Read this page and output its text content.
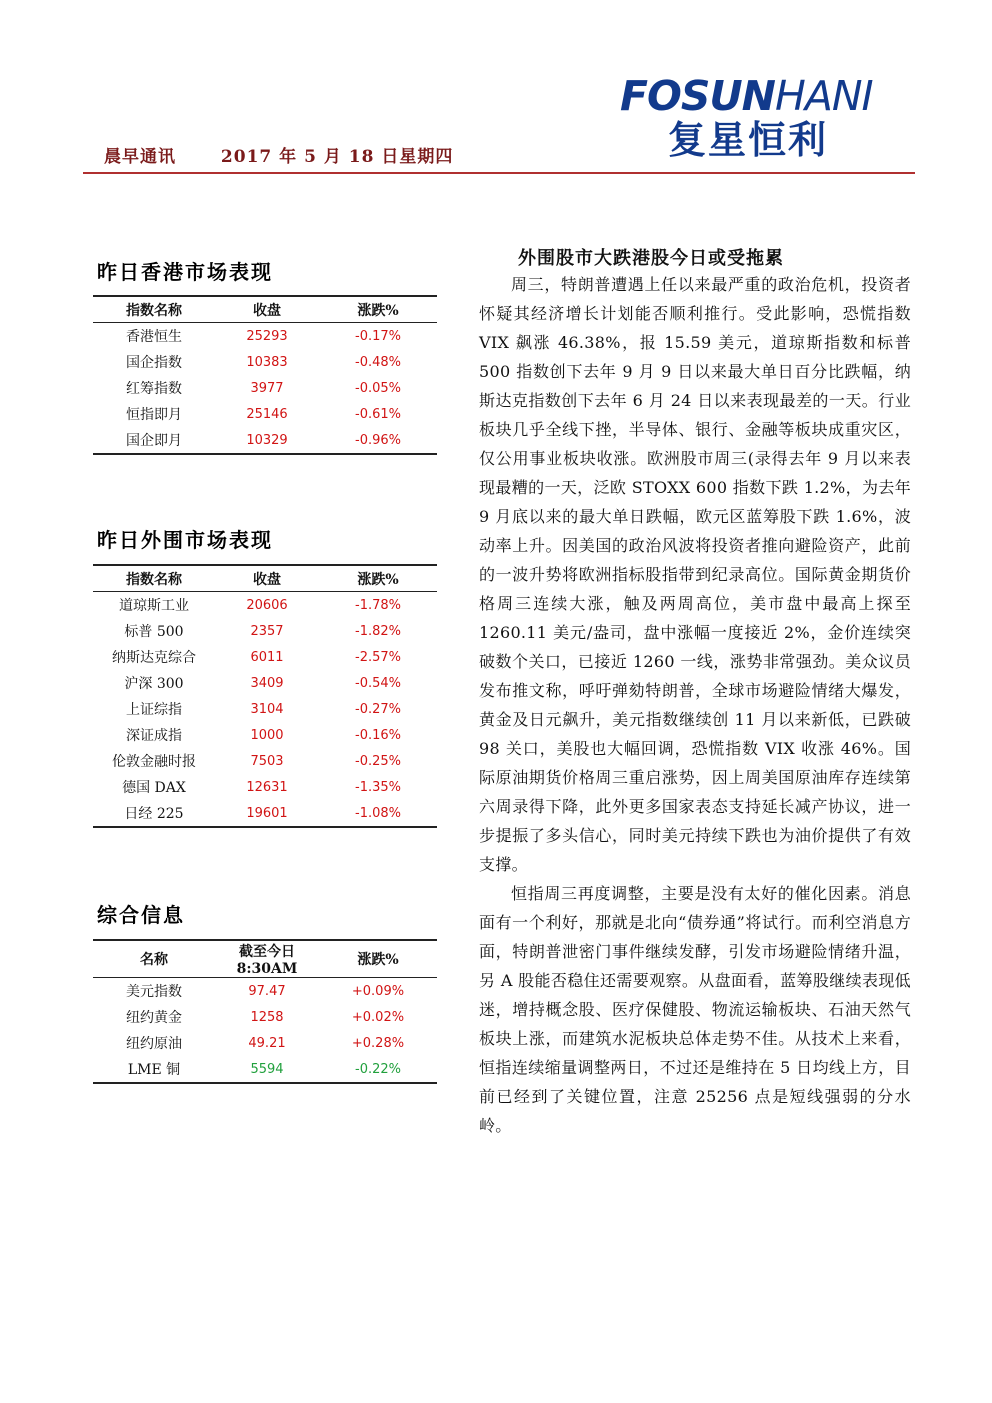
晨早通讯	2017 年 5 月 18 日星期四
FOSUNHANI
复星恒利
昨日香港市场表现
指数名称	收盘	涨跌%
香港恒生	25293	-0.17%
国企指数	10383	-0.48%
红筹指数	3977	-0.05%
恒指即月	25146	-0.61%
国企即月	10329	-0.96%
昨日外围市场表现
指数名称	收盘	涨跌%
道琼斯工业	20606	-1.78%
标普 500	2357	-1.82%
纳斯达克综合	6011	-2.57%
沪深 300	3409	-0.54%
上证综指	3104	-0.27%
深证成指	1000	-0.16%
伦敦金融时报	7503	-0.25%
德国 DAX	12631	-1.35%
日经 225	19601	-1.08%
综合信息
名称	截至今日 8:30AM	涨跌%
美元指数	97.47	+0.09%
纽约黄金	1258	+0.02%
纽约原油	49.21	+0.28%
LME 铜	5594	-0.22%
外围股市大跌港股今日或受拖累

周三，特朗普遭遇上任以来最严重的政治危机，投资者怀疑其经济增长计划能否顺利推行。受此影响，恐慌指数 VIX 飙涨 46.38%，报 15.59 美元，道琼斯指数和标普 500 指数创下去年 9 月 9 日以来最大单日百分比跌幅，纳斯达克指数创下去年 6 月 24 日以来表现最差的一天。行业板块几乎全线下挫，半导体、银行、金融等板块成重灾区，仅公用事业板块收涨。欧洲股市周三(录得去年 9 月以来表现最糟的一天，泛欧 STOXX 600 指数下跌 1.2%，为去年 9 月底以来的最大单日跌幅，欧元区蓝筹股下跌 1.6%，波动率上升。因美国的政治风波将投资者推向避险资产，此前的一波升势将欧洲指标股指带到纪录高位。国际黄金期货价格周三连续大涨，触及两周高位，美市盘中最高上探至 1260.11 美元/盎司，盘中涨幅一度接近 2%，金价连续突破数个关口，已接近 1260 一线，涨势非常强劲。美众议员发布推文称，呼吁弹劾特朗普，全球市场避险情绪大爆发，黄金及日元飙升，美元指数继续创 11 月以来新低，已跌破 98 关口，美股也大幅回调，恐慌指数 VIX 收涨 46%。国际原油期货价格周三重启涨势，因上周美国原油库存连续第六周录得下降，此外更多国家表态支持延长减产协议，进一步提振了多头信心，同时美元持续下跌也为油价提供了有效支撑。

恒指周三再度调整，主要是没有太好的催化因素。消息面有一个利好，那就是北向“债券通”将试行。而利空消息方面，特朗普泄密门事件继续发酵，引发市场避险情绪升温，另 A 股能否稳住还需要观察。从盘面看，蓝筹股继续表现低迷，增持概念股、医疗保健股、物流运输板块、石油天然气板块上涨，而建筑水泥板块总体走势不佳。从技术上来看，恒指连续缩量调整两日，不过还是维持在 5 日均线上方，目前已经到了关键位置，注意 25256 点是短线强弱的分水岭。
